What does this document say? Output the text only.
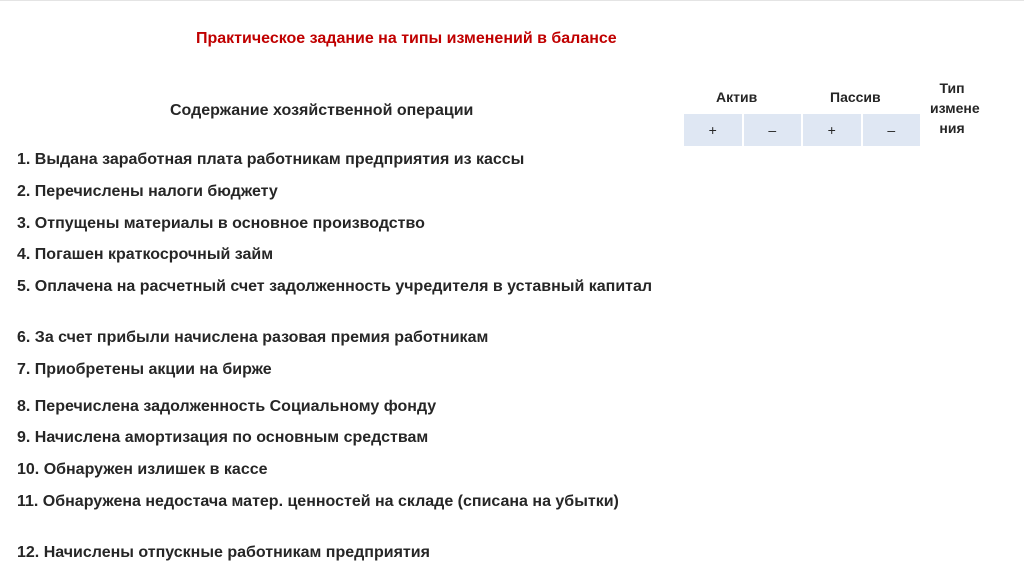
Практическое задание на типы изменений в балансе
Содержание хозяйственной операции
Актив	Пассив
Тип
измене
ния
+	–	+	–
1. Выдана заработная плата работникам предприятия из кассы
2. Перечислены налоги бюджету
3. Отпущены материалы в основное производство
4. Погашен краткосрочный займ
5. Оплачена на расчетный счет задолженность учредителя в уставный капитал
6. За счет прибыли начислена разовая премия работникам
7. Приобретены акции на бирже
8. Перечислена задолженность Социальному фонду
9. Начислена амортизация по основным средствам
10. Обнаружен излишек в кассе
11. Обнаружена недостача матер. ценностей на складе (списана на убытки)
12. Начислены отпускные работникам предприятия
